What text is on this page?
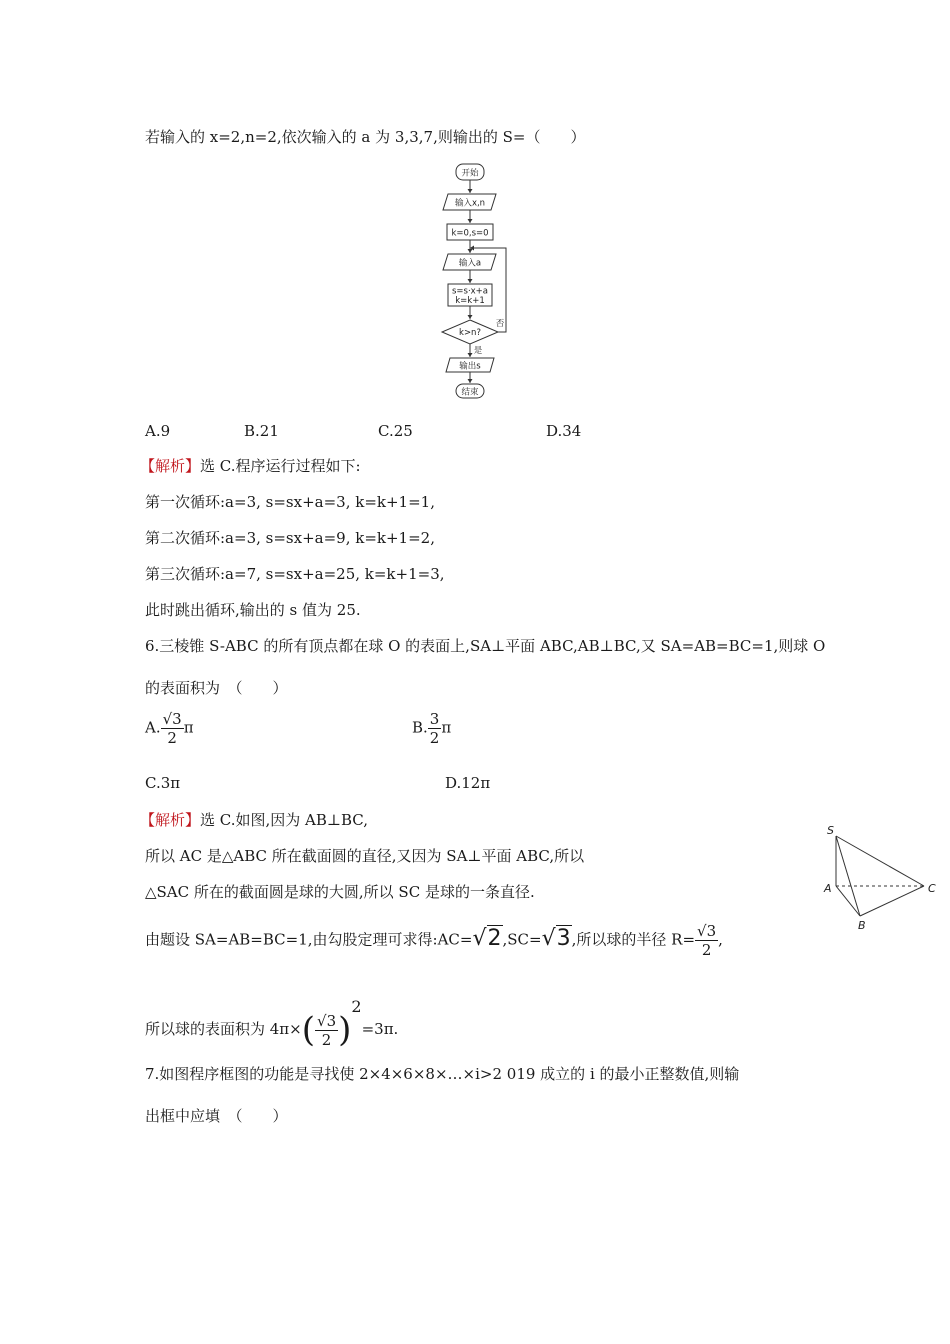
若输入的 x=2,n=2,依次输入的 a 为 3,3,7,则输出的 S=（　　）
开始
输入x,n
k=0,s=0
输入a
s=s·x+a
k=k+1
k>n?
否
是
输出s
结束
A.9	B.21	C.25	D.34
【解析】选 C.程序运行过程如下:
第一次循环:a=3, s=sx+a=3, k=k+1=1,
第二次循环:a=3, s=sx+a=9, k=k+1=2,
第三次循环:a=7, s=sx+a=25, k=k+1=3,
此时跳出循环,输出的 s 值为 25.
6.三棱锥 S-ABC 的所有顶点都在球 O 的表面上,SA⊥平面 ABC,AB⊥BC,又 SA=AB=BC=1,则球 O
的表面积为　（　　）
A. $\frac{√3}{2}$ π	B. $\frac{3}{2}$ π
C.3π	D.12π
【解析】选 C.如图,因为 AB⊥BC,
所以 AC 是△ABC 所在截面圆的直径,又因为 SA⊥平面 ABC,所以
△SAC 所在的截面圆是球的大圆,所以 SC 是球的一条直径.
由题设 SA=AB=BC=1,由勾股定理可求得:AC=√2,SC=√3,所以球的半径 $R= \frac{√3}{2}$ ,
所以球的表面积为 $4\pi\times( \frac{√3}{2} )^2=3\pi$.
S
A
B
C
7.如图程序框图的功能是寻找使 2×4×6×8×…×i>2 019 成立的 i 的最小正整数值,则输
出框中应填　（　　）
